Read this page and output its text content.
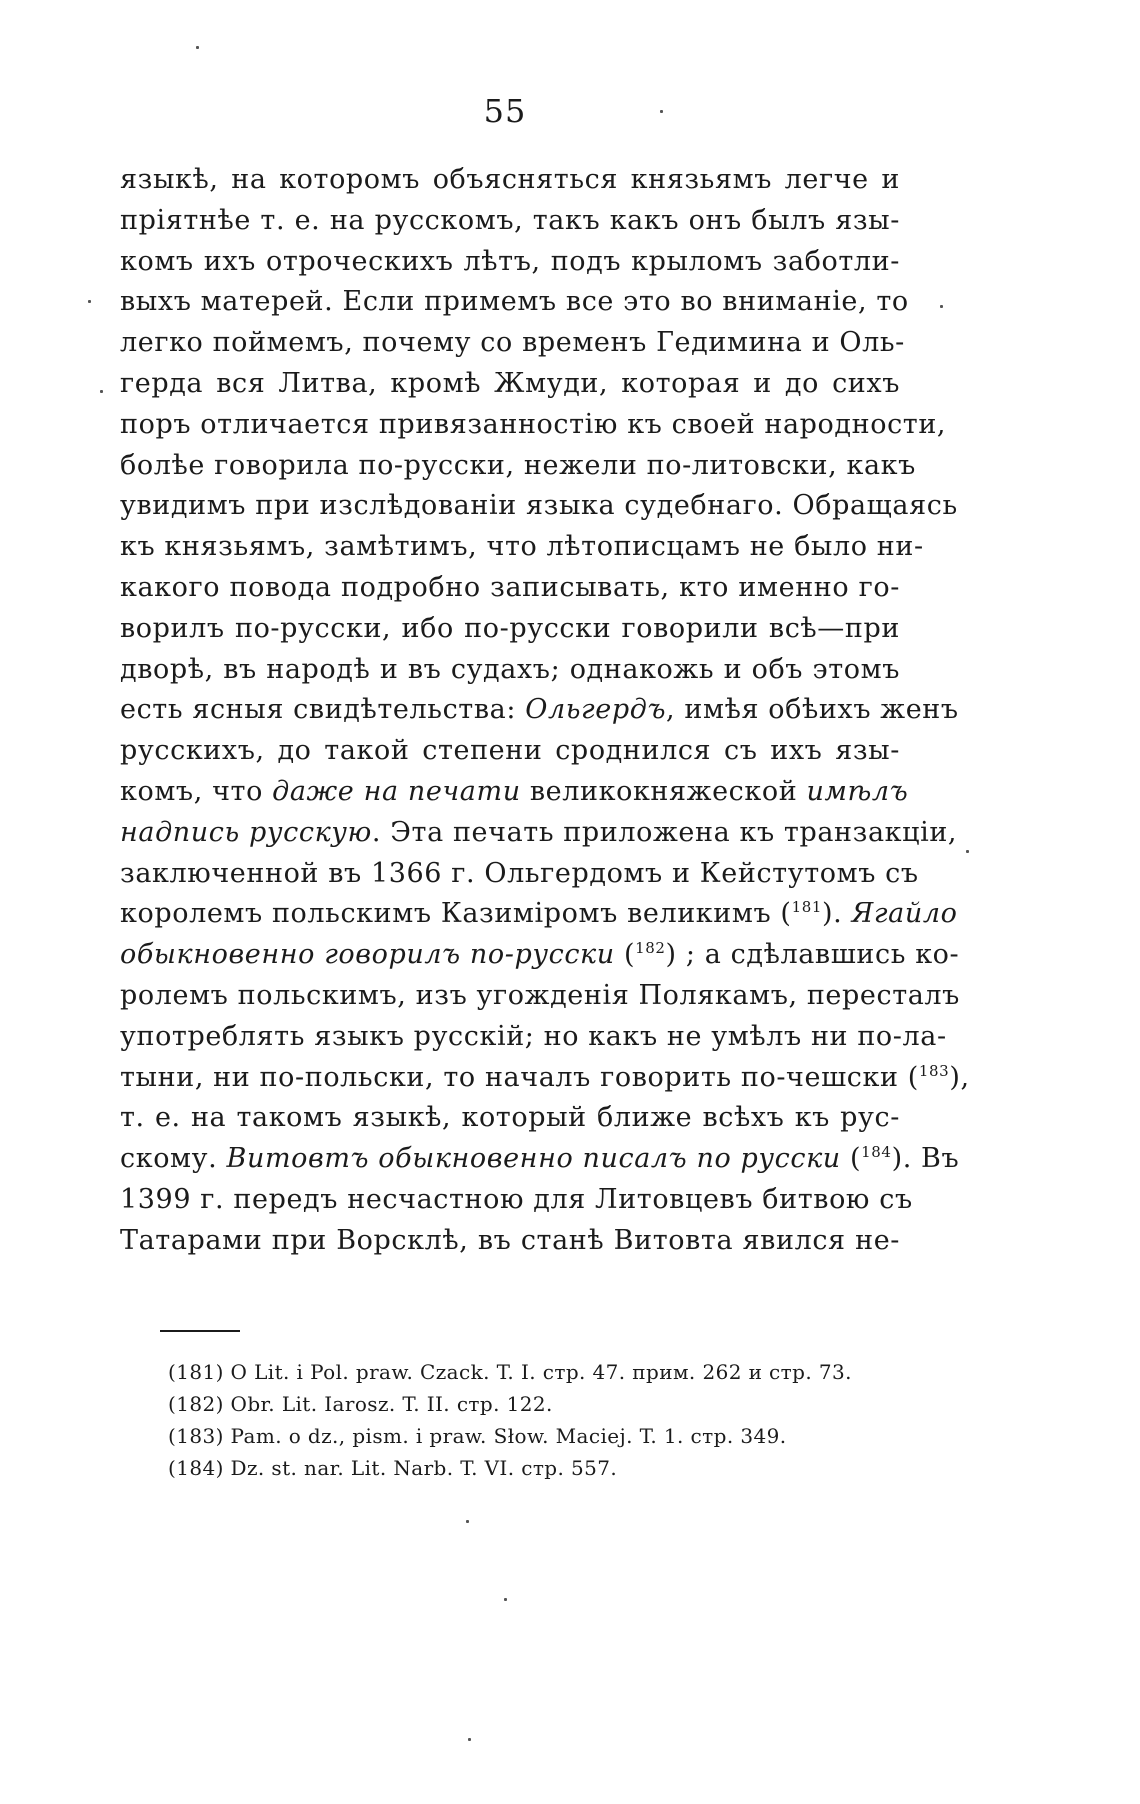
55
языкѣ, на которомъ объясняться князьямъ легче и
пріятнѣе т. е. на русскомъ, такъ какъ онъ былъ язы-
комъ ихъ отроческихъ лѣтъ, подъ крыломъ заботли-
выхъ матерей. Если примемъ все это во вниманіе, то
легко поймемъ, почему со временъ Гедимина и Оль-
герда вся Литва, кромѣ Жмуди, которая и до сихъ
поръ отличается привязанностію къ своей народности,
болѣе говорила по-русски, нежели по-литовски, какъ
увидимъ при изслѣдованіи языка судебнаго. Обращаясь
къ князьямъ, замѣтимъ, что лѣтописцамъ не было ни-
какого повода подробно записывать, кто именно го-
ворилъ по-русски, ибо по-русски говорили всѣ—при
дворѣ, въ народѣ и въ судахъ; однакожь и объ этомъ
есть ясныя свидѣтельства: Ольгердъ, имѣя обѣихъ женъ
русскихъ, до такой степени сроднился съ ихъ язы-
комъ, что даже на печати великокняжеской имѣлъ
надпись русскую. Эта печать приложена къ транзакціи,
заключенной въ 1366 г. Ольгердомъ и Кейстутомъ съ
королемъ польскимъ Казиміромъ великимъ ($^{181}$). Ягайло
обыкновенно говорилъ по-русски ($^{182}$) ; а сдѣлавшись ко-
ролемъ польскимъ, изъ угожденія Полякамъ, пересталъ
употреблять языкъ русскій; но какъ не умѣлъ ни по-ла-
тыни, ни по-польски, то началъ говорить по-чешски ($^{183}$),
т. е. на такомъ языкѣ, который ближе всѣхъ къ рус-
скому. Витовтъ обыкновенно писалъ по русски ($^{184}$). Въ
1399 г. передъ несчастною для Литовцевъ битвою съ
Татарами при Ворсклѣ, въ станѣ Витовта явился не-
(181) O Lit. i Pol. praw. Czack. T. I. стр. 47. прим. 262 и стр. 73.
(182) Obr. Lit. Iarosz. T. II. стр. 122.
(183) Pam. o dz., pism. i praw. Słow. Maciej. T. 1. стр. 349.
(184) Dz. st. nar. Lit. Narb. T. VI. стр. 557.
